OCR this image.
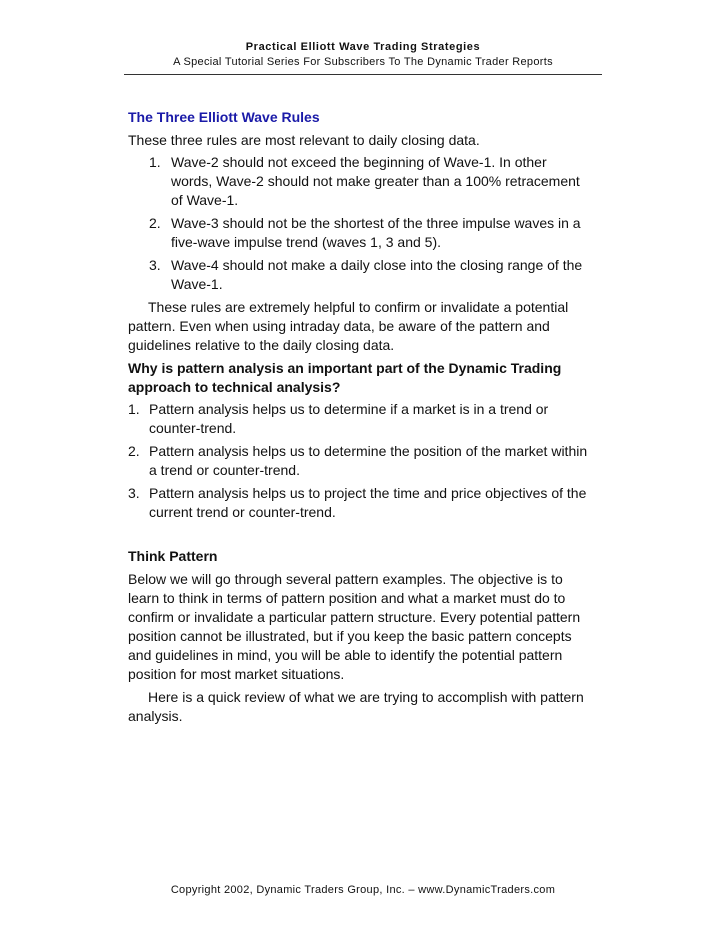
Practical Elliott Wave Trading Strategies
A Special Tutorial Series For Subscribers To The Dynamic Trader Reports
The Three Elliott Wave Rules

These three rules are most relevant to daily closing data.

1. Wave-2 should not exceed the beginning of Wave-1. In other words, Wave-2 should not make greater than a 100% retracement of Wave-1.
2. Wave-3 should not be the shortest of the three impulse waves in a five-wave impulse trend (waves 1, 3 and 5).
3. Wave-4 should not make a daily close into the closing range of the Wave-1.

These rules are extremely helpful to confirm or invalidate a potential pattern. Even when using intraday data, be aware of the pattern and guidelines relative to the daily closing data.

Why is pattern analysis an important part of the Dynamic Trading approach to technical analysis?
1. Pattern analysis helps us to determine if a market is in a trend or counter-trend.
2. Pattern analysis helps us to determine the position of the market within a trend or counter-trend.
3. Pattern analysis helps us to project the time and price objectives of the current trend or counter-trend.
Think Pattern

Below we will go through several pattern examples. The objective is to learn to think in terms of pattern position and what a market must do to confirm or invalidate a particular pattern structure. Every potential pattern position cannot be illustrated, but if you keep the basic pattern concepts and guidelines in mind, you will be able to identify the potential pattern position for most market situations.

Here is a quick review of what we are trying to accomplish with pattern analysis.

Copyright 2002, Dynamic Traders Group, Inc. – www.DynamicTraders.com
